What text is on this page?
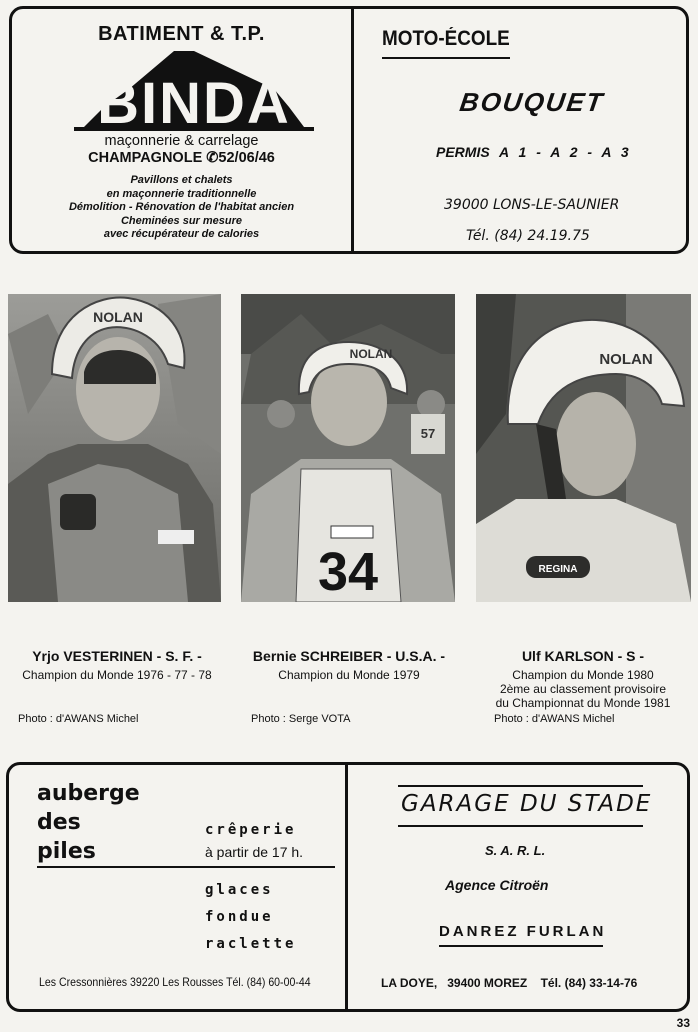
BATIMENT & T.P.
BINDA
maçonnerie & carrelage
CHAMPAGNOLE ✆52/06/46
Pavillons et chalets
en maçonnerie traditionnelle
Démolition - Rénovation de l'habitat ancien
Cheminées sur mesure
avec récupérateur de calories
MOTO-ÉCOLE
BOUQUET
PERMIS A 1 - A 2 - A 3
39000 LONS-LE-SAUNIER
Tél. (84) 24.19.75
NOLAN
57
34
NOLAN
REGINA
NOLAN
Yrjo VESTERINEN - S. F. -
Champion du Monde 1976 - 77 - 78
Photo : d'AWANS Michel
Bernie SCHREIBER - U.S.A. -
Champion du Monde 1979
Photo : Serge VOTA
Ulf KARLSON - S -
Champion du Monde 1980
2ème au classement provisoire
du Championnat du Monde 1981
Photo : d'AWANS Michel
auberge
des
piles
crêperie
à partir de 17 h.
glaces
fondue
raclette
Les Cressonnières 39220 Les Rousses Tél. (84) 60-00-44
GARAGE DU STADE
S. A. R. L.
Agence Citroën
DANREZ FURLAN
LA DOYE,   39400 MOREZ    Tél. (84) 33-14-76
33
